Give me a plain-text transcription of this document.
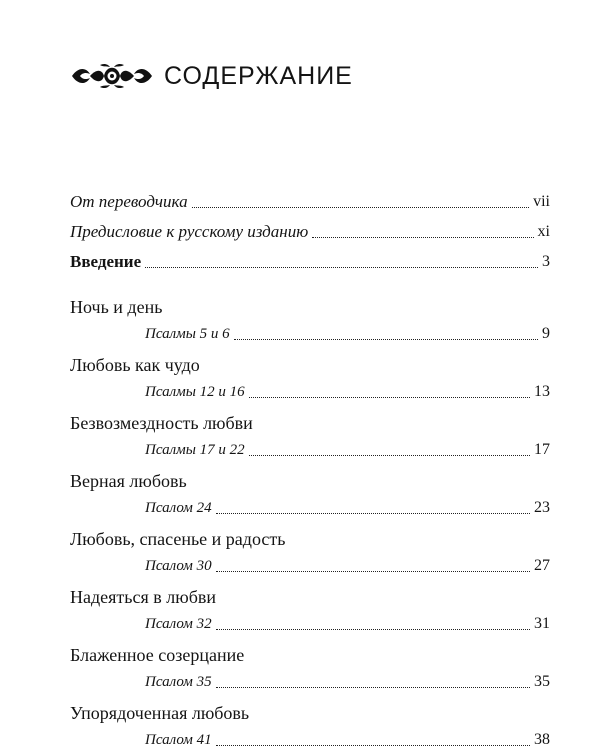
СОДЕРЖАНИЕ
От переводчика	vii
Предисловие к русскому изданию	xi
Введение	3
Ночь и день
Псалмы 5 и 6	9
Любовь как чудо
Псалмы 12 и 16	13
Безвозмездность любви
Псалмы 17 и 22	17
Верная любовь
Псалом 24	23
Любовь, спасенье и радость
Псалом 30	27
Надеяться в любви
Псалом 32	31
Блаженное созерцание
Псалом 35	35
Упорядоченная любовь
Псалом 41	38
